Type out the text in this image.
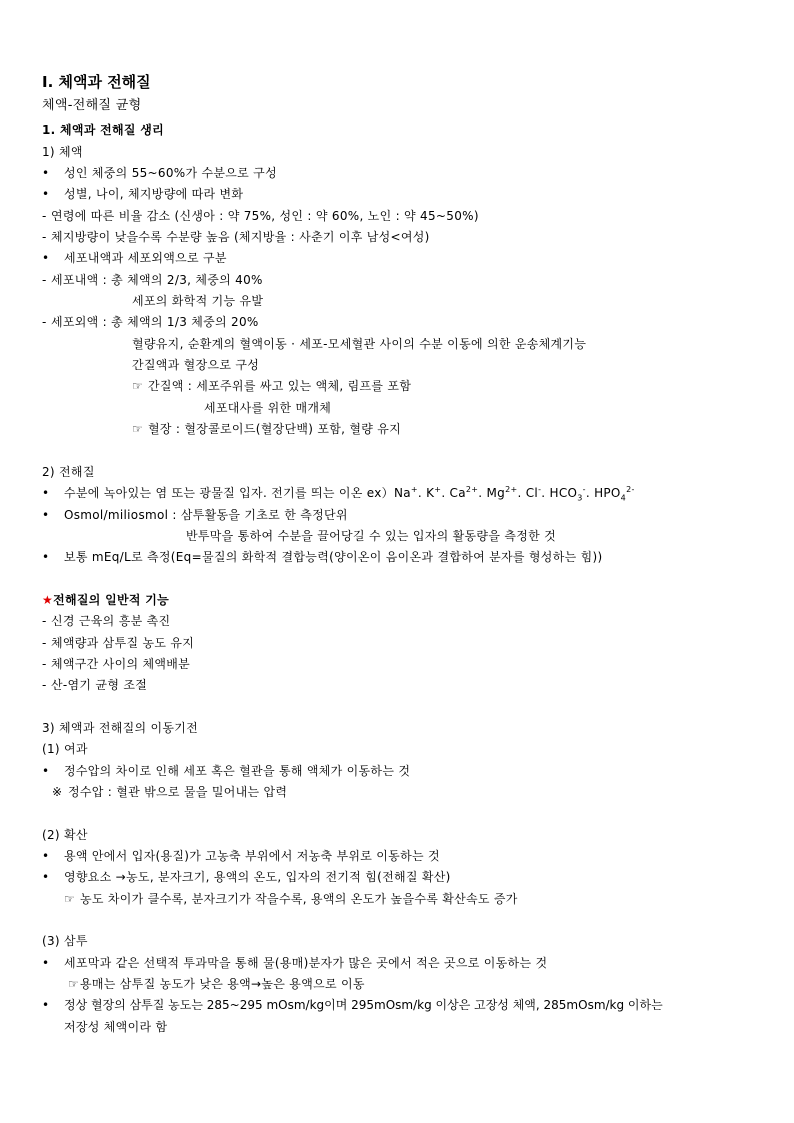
Ⅰ. 체액과 전해질
체액-전해질 균형
1. 체액과 전해질 생리
1) 체액
• 성인 체중의 55~60%가 수분으로 구성
• 성별, 나이, 체지방량에 따라 변화
- 연령에 따른 비율 감소 (신생아 : 약 75%, 성인 : 약 60%, 노인 : 약 45~50%)
- 체지방량이 낮을수록 수분량 높음 (체지방율 : 사춘기 이후 남성<여성)
• 세포내액과 세포외액으로 구분
- 세포내액 : 총 체액의 2/3, 체중의 40%
세포의 화학적 기능 유발
- 세포외액 : 총 체액의 1/3 체중의 20%
혈량유지, 순환계의 혈액이동 · 세포-모세혈관 사이의 수분 이동에 의한 운송체계기능
간질액과 혈장으로 구성
☞ 간질액 : 세포주위를 싸고 있는 액체, 림프를 포함
세포대사를 위한 매개체
☞ 혈장 : 혈장콜로이드(혈장단백) 포함, 혈량 유지
2) 전해질
• 수분에 녹아있는 염 또는 광물질 입자. 전기를 띄는 이온 ex）Na+. K+. $Ca^{2+}$. $Mg^{2+}$. Cl-. $HCO_3^-$. $HPO_4^{2-}$
• Osmol/miliosmol : 삼투활동을 기초로 한 측정단위
반투막을 통하여 수분을 끌어당길 수 있는 입자의 활동량을 측정한 것
• 보통 mEq/L로 측정(Eq=물질의 화학적 결합능력(양이온이 음이온과 결합하여 분자를 형성하는 힘))
★전해질의 일반적 기능
- 신경 근육의 흥분 촉진
- 체액량과 삼투질 농도 유지
- 체액구간 사이의 체액배분
- 산-염기 균형 조절
3) 체액과 전해질의 이동기전
(1) 여과
• 정수압의 차이로 인해 세포 혹은 혈관을 통해 액체가 이동하는 것
※ 정수압 : 혈관 밖으로 물을 밀어내는 압력
(2) 확산
• 용액 안에서 입자(용질)가 고농축 부위에서 저농축 부위로 이동하는 것
• 영향요소 →농도, 분자크기, 용액의 온도, 입자의 전기적 힘(전해질 확산)
☞ 농도 차이가 클수록, 분자크기가 작을수록, 용액의 온도가 높을수록 확산속도 증가
(3) 삼투
• 세포막과 같은 선택적 투과막을 통해 물(용매)분자가 많은 곳에서 적은 곳으로 이동하는 것
☞용매는 삼투질 농도가 낮은 용액→높은 용액으로 이동
• 정상 혈장의 삼투질 농도는 285~295 mOsm/kg이며 295mOsm/kg 이상은 고장성 체액, 285mOsm/kg 이하는
저장성 체액이라 함
